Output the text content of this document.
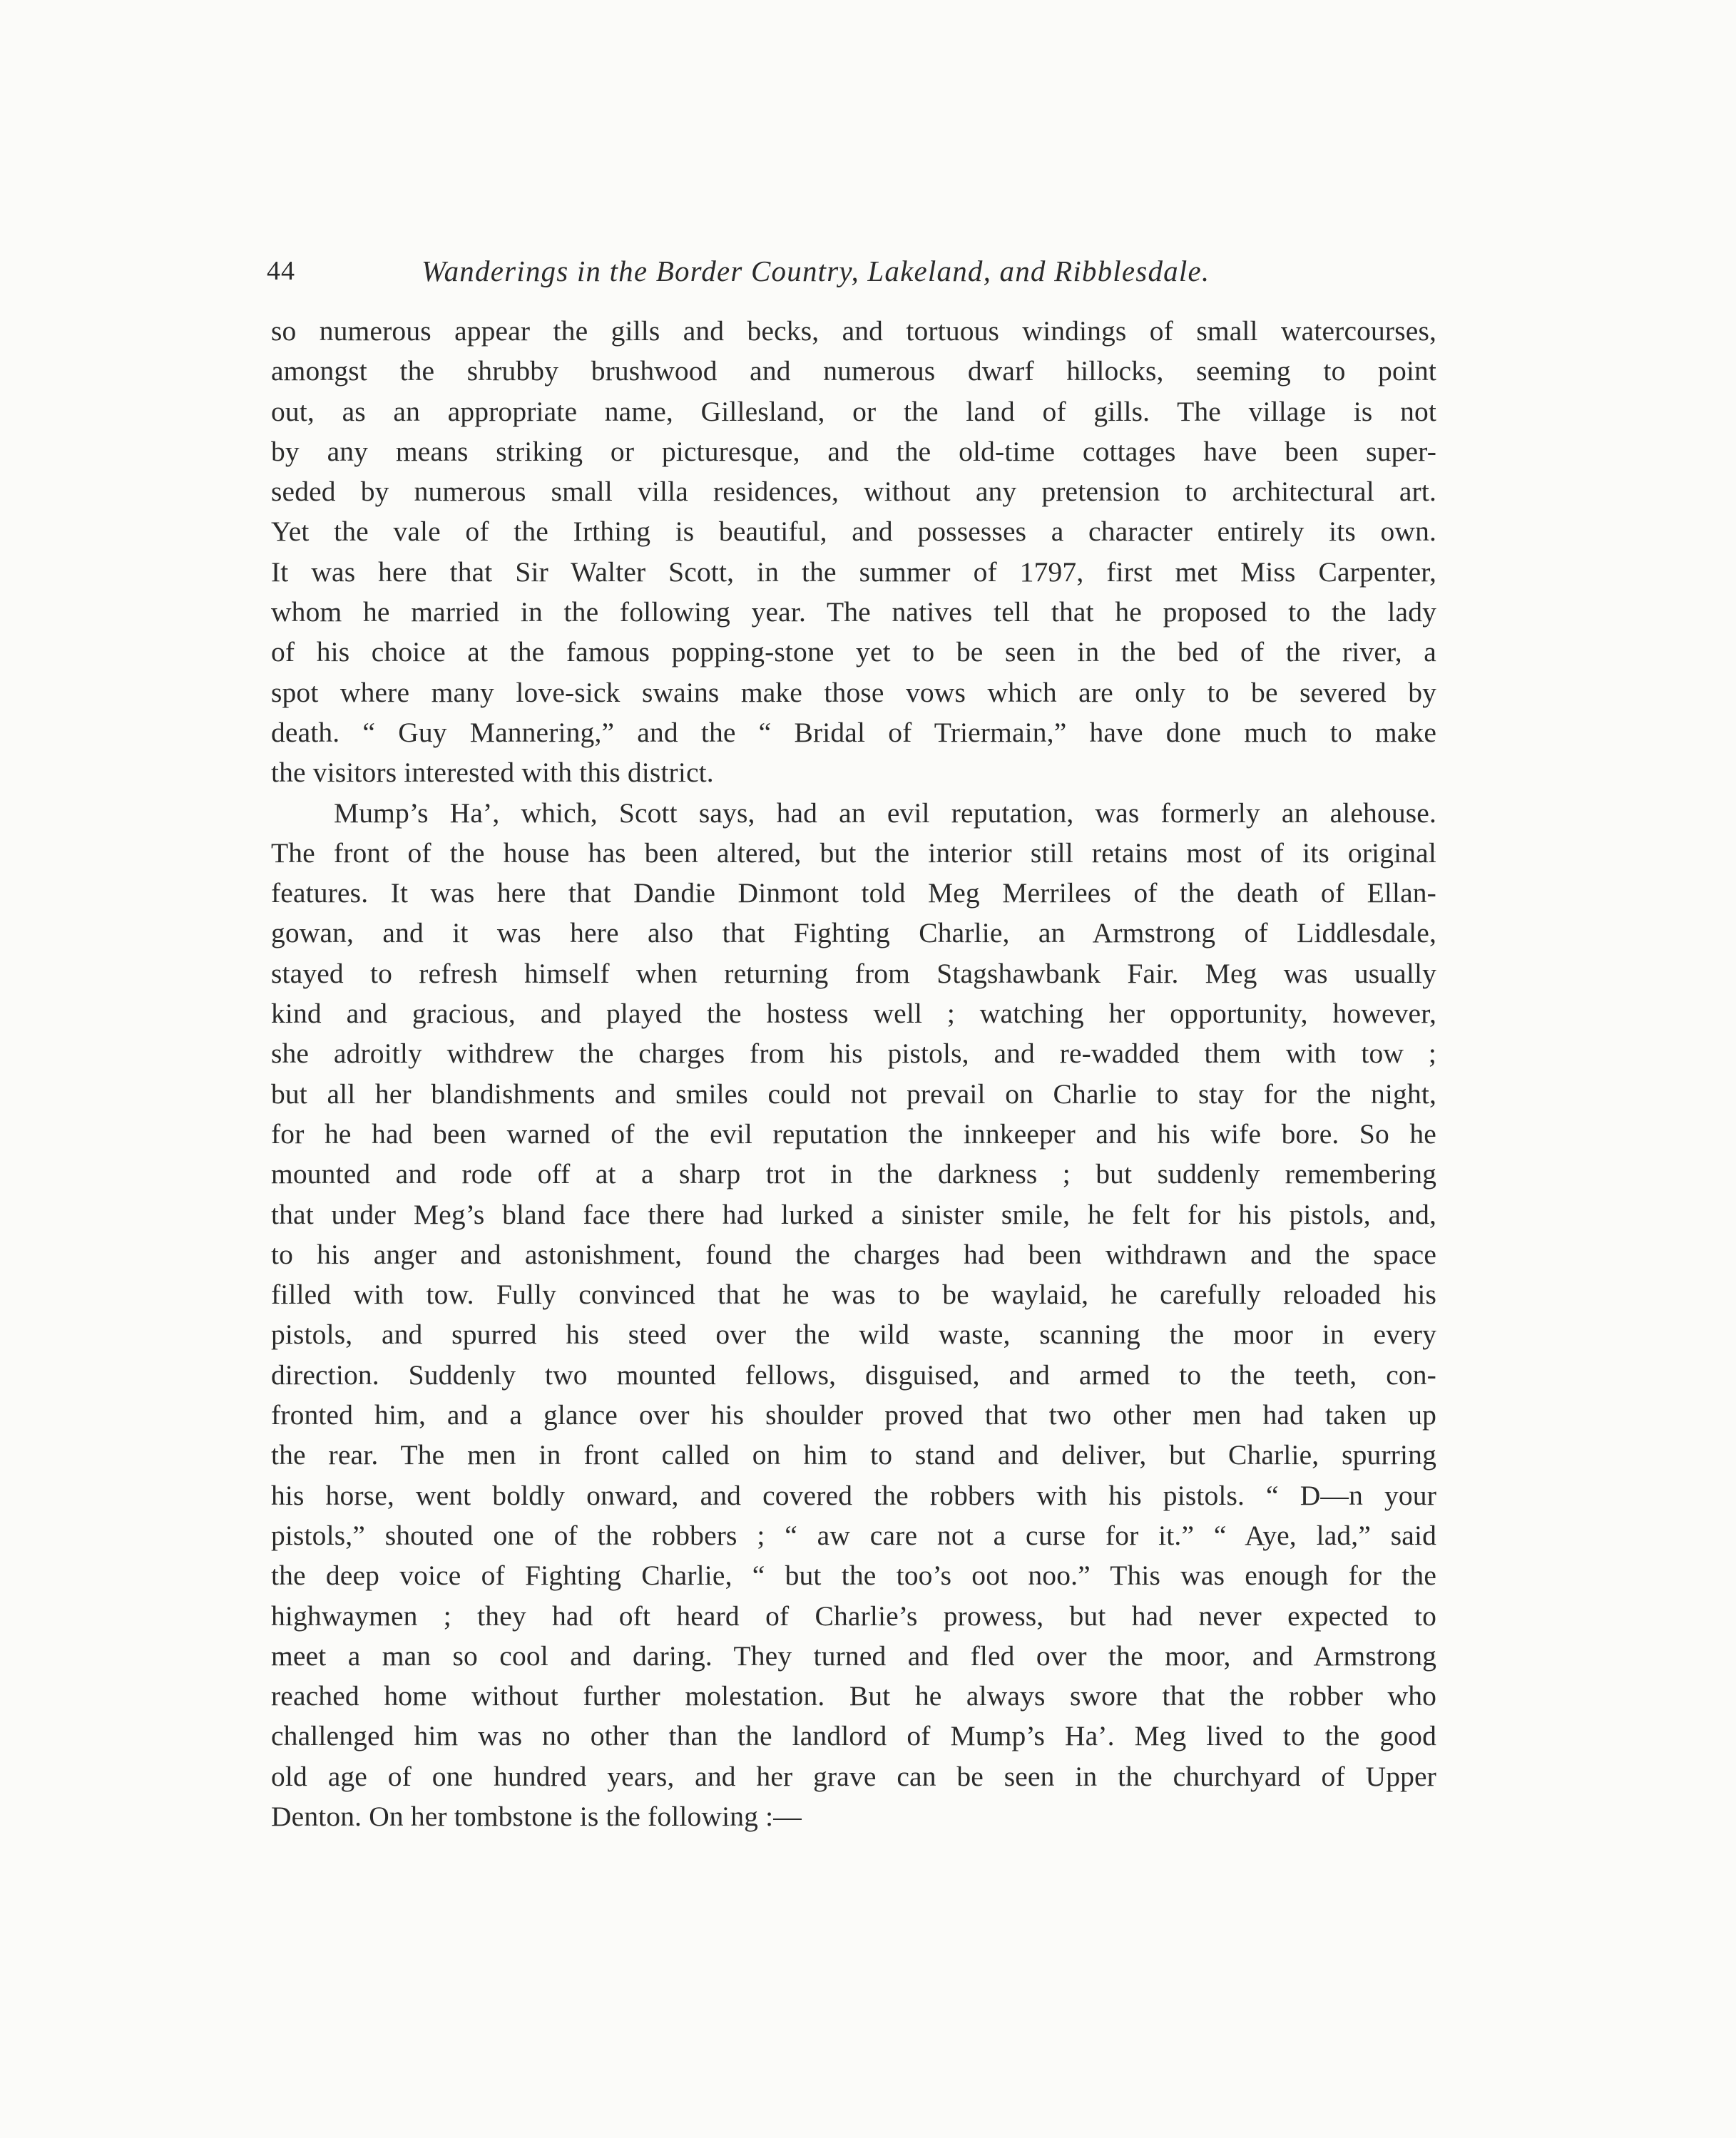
44	Wanderings in the Border Country, Lakeland, and Ribblesdale.
so numerous appear the gills and becks, and tortuous windings of small watercourses,
amongst the shrubby brushwood and numerous dwarf hillocks, seeming to point
out, as an appropriate name, Gillesland, or the land of gills. The village is not
by any means striking or picturesque, and the old-time cottages have been super-
seded by numerous small villa residences, without any pretension to architectural art.
Yet the vale of the Irthing is beautiful, and possesses a character entirely its own.
It was here that Sir Walter Scott, in the summer of 1797, first met Miss Carpenter,
whom he married in the following year. The natives tell that he proposed to the lady
of his choice at the famous popping-stone yet to be seen in the bed of the river, a
spot where many love-sick swains make those vows which are only to be severed by
death. “ Guy Mannering,” and the “ Bridal of Triermain,” have done much to make
the visitors interested with this district.
Mump’s Ha’, which, Scott says, had an evil reputation, was formerly an alehouse.
The front of the house has been altered, but the interior still retains most of its original
features. It was here that Dandie Dinmont told Meg Merrilees of the death of Ellan-
gowan, and it was here also that Fighting Charlie, an Armstrong of Liddlesdale,
stayed to refresh himself when returning from Stagshawbank Fair. Meg was usually
kind and gracious, and played the hostess well ; watching her opportunity, however,
she adroitly withdrew the charges from his pistols, and re-wadded them with tow ;
but all her blandishments and smiles could not prevail on Charlie to stay for the night,
for he had been warned of the evil reputation the innkeeper and his wife bore. So he
mounted and rode off at a sharp trot in the darkness ; but suddenly remembering
that under Meg’s bland face there had lurked a sinister smile, he felt for his pistols, and,
to his anger and astonishment, found the charges had been withdrawn and the space
filled with tow. Fully convinced that he was to be waylaid, he carefully reloaded his
pistols, and spurred his steed over the wild waste, scanning the moor in every
direction. Suddenly two mounted fellows, disguised, and armed to the teeth, con-
fronted him, and a glance over his shoulder proved that two other men had taken up
the rear. The men in front called on him to stand and deliver, but Charlie, spurring
his horse, went boldly onward, and covered the robbers with his pistols. “ D—n your
pistols,” shouted one of the robbers ; “ aw care not a curse for it.” “ Aye, lad,” said
the deep voice of Fighting Charlie, “ but the too’s oot noo.” This was enough for the
highwaymen ; they had oft heard of Charlie’s prowess, but had never expected to
meet a man so cool and daring. They turned and fled over the moor, and Armstrong
reached home without further molestation. But he always swore that the robber who
challenged him was no other than the landlord of Mump’s Ha’. Meg lived to the good
old age of one hundred years, and her grave can be seen in the churchyard of Upper
Denton. On her tombstone is the following :—
